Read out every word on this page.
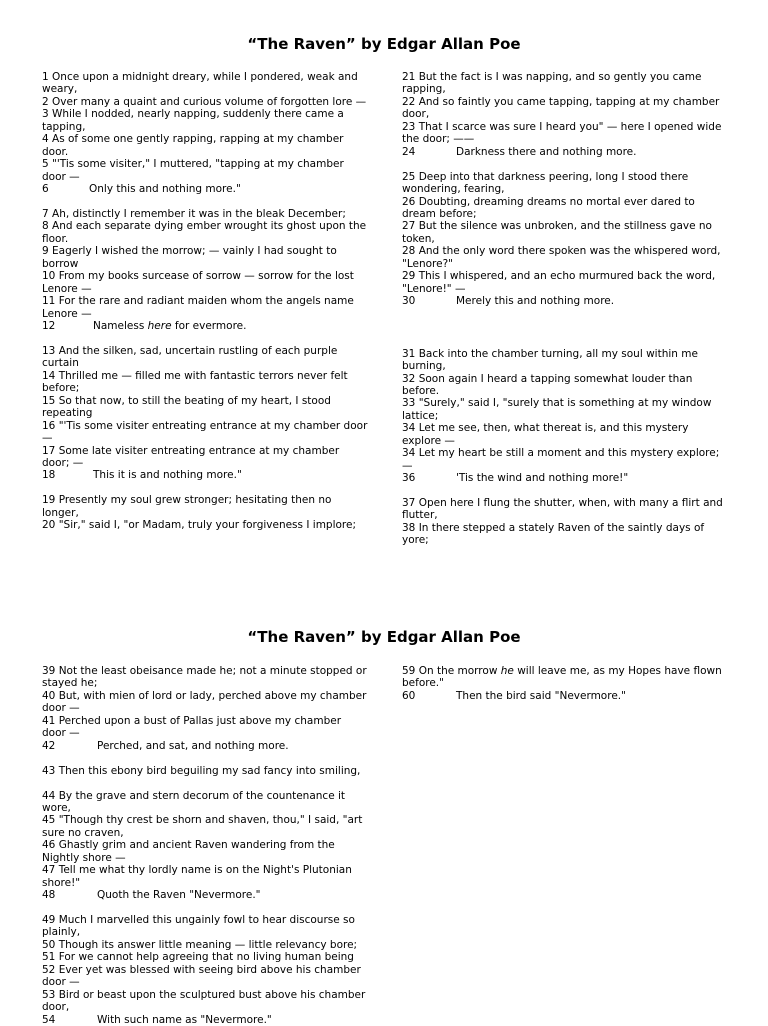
“The Raven” by Edgar Allan Poe
1 Once upon a midnight dreary, while I pondered, weak and weary,
2 Over many a quaint and curious volume of forgotten lore —
3 While I nodded, nearly napping, suddenly there came a tapping,
4 As of some one gently rapping, rapping at my chamber door.
5 "'Tis some visiter," I muttered, "tapping at my chamber door —
6	Only this and nothing more."
7 Ah, distinctly I remember it was in the bleak December;
8 And each separate dying ember wrought its ghost upon the floor.
9 Eagerly I wished the morrow; — vainly I had sought to borrow
10 From my books surcease of sorrow — sorrow for the lost Lenore —
11 For the rare and radiant maiden whom the angels name Lenore —
12	Nameless here for evermore.
13 And the silken, sad, uncertain rustling of each purple curtain
14 Thrilled me — filled me with fantastic terrors never felt before;
15 So that now, to still the beating of my heart, I stood repeating
16 "'Tis some visiter entreating entrance at my chamber door —
17 Some late visiter entreating entrance at my chamber door; —
18	This it is and nothing more."
19 Presently my soul grew stronger; hesitating then no longer,
20 "Sir," said I, "or Madam, truly your forgiveness I implore;
21 But the fact is I was napping, and so gently you came rapping,
22 And so faintly you came tapping, tapping at my chamber door,
23 That I scarce was sure I heard you" — here I opened wide the door; ——
24	Darkness there and nothing more.
25 Deep into that darkness peering, long I stood there wondering, fearing,
26 Doubting, dreaming dreams no mortal ever dared to dream before;
27 But the silence was unbroken, and the stillness gave no token,
28 And the only word there spoken was the whispered word, "Lenore?"
29 This I whispered, and an echo murmured back the word, "Lenore!" —
30	Merely this and nothing more.
31 Back into the chamber turning, all my soul within me burning,
32 Soon again I heard a tapping somewhat louder than before.
33 "Surely," said I, "surely that is something at my window lattice;
34 Let me see, then, what thereat is, and this mystery explore —
34 Let my heart be still a moment and this mystery explore; —
36	'Tis the wind and nothing more!"
37 Open here I flung the shutter, when, with many a flirt and flutter,
38 In there stepped a stately Raven of the saintly days of yore;
“The Raven” by Edgar Allan Poe
39 Not the least obeisance made he; not a minute stopped or stayed he;
40 But, with mien of lord or lady, perched above my chamber door —
41 Perched upon a bust of Pallas just above my chamber door —
42	Perched, and sat, and nothing more.
43 Then this ebony bird beguiling my sad fancy into smiling,
44 By the grave and stern decorum of the countenance it wore,
45 "Though thy crest be shorn and shaven, thou," I said, "art sure no craven,
46 Ghastly grim and ancient Raven wandering from the Nightly shore —
47 Tell me what thy lordly name is on the Night's Plutonian shore!"
48	Quoth the Raven "Nevermore."
49 Much I marvelled this ungainly fowl to hear discourse so plainly,
50 Though its answer little meaning — little relevancy bore;
51 For we cannot help agreeing that no living human being
52 Ever yet was blessed with seeing bird above his chamber door —
53 Bird or beast upon the sculptured bust above his chamber door,
54	With such name as "Nevermore."
59 On the morrow he will leave me, as my Hopes have flown before."
60	Then the bird said "Nevermore."
